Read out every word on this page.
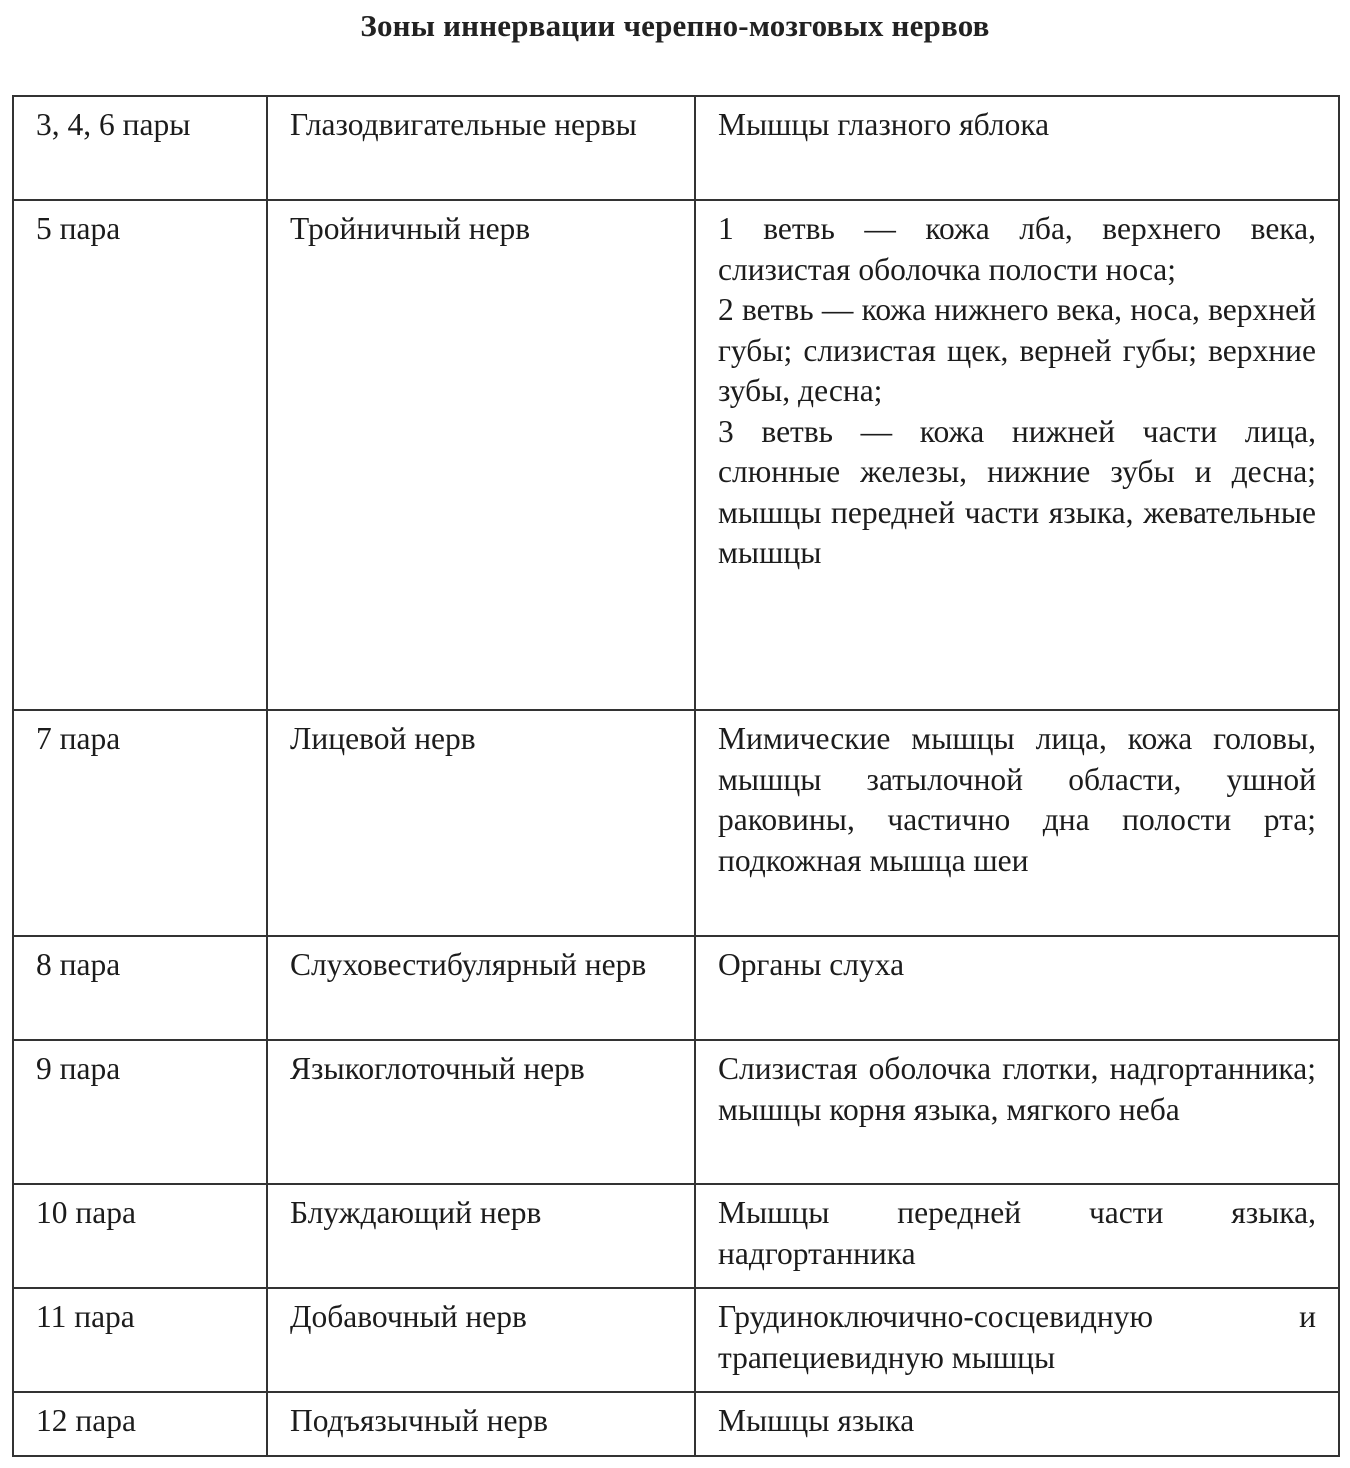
Зоны иннервации черепно-мозговых нервов
3, 4, 6 пары	Глазодвигательные нервы	Мышцы глазного яблока

5 пара	Тройничный нерв	1 ветвь — кожа лба, верхнего века, слизистая оболочка полости носа;
2 ветвь — кожа нижнего века, носа, верхней губы; слизистая щек, верней губы; верхние зубы, десна;
3 ветвь — кожа нижней части лица, слюнные железы, нижние зубы и десна; мышцы передней части языка, жевательные мышцы

7 пара	Лицевой нерв	Мимические мышцы лица, кожа головы, мышцы затылочной области, ушной раковины, частично дна полости рта; подкожная мышца шеи

8 пара	Слуховестибулярный нерв	Органы слуха

9 пара	Языкоглоточный нерв	Слизистая оболочка глотки, надгортанника; мышцы корня языка, мягкого неба

10 пара	Блуждающий нерв	Мышцы передней части языка, надгортанника

11 пара	Добавочный нерв	Грудиноключично-сосцевидную и трапециевидную мышцы

12 пара	Подъязычный нерв	Мышцы языка
